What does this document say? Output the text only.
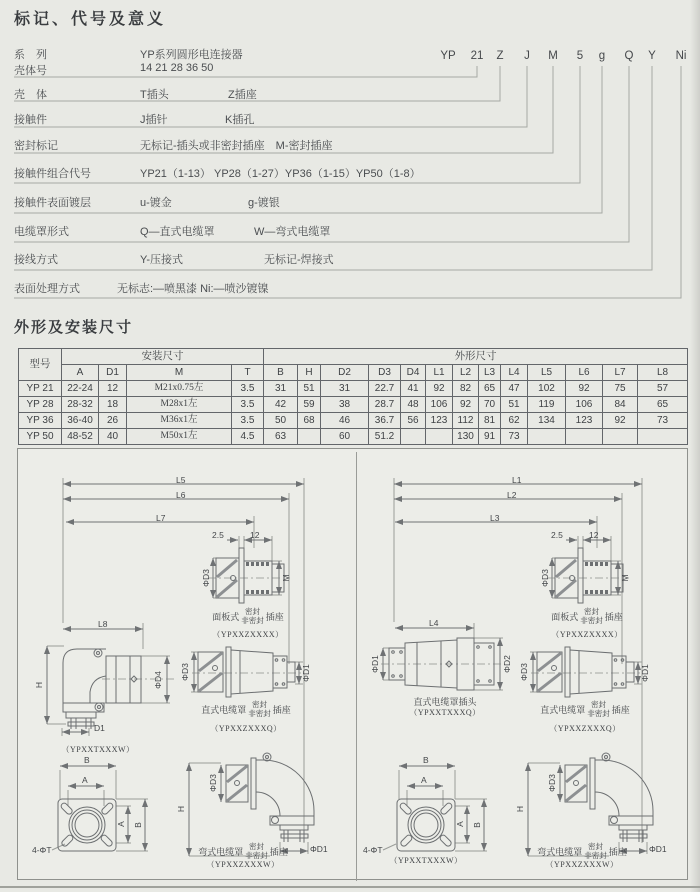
标记、代号及意义
外形及安装尺寸
YP	21	Z	J	M	5	g	Q	Y	Ni
系　列	YP系列圆形电连接器
壳体号	14 21 28 36 50
壳　体	T插头	Z插座
接触件	J插针	K插孔
密封标记	无标记-插头或非密封插座　M-密封插座
接触件组合代号	YP21（1-13） YP28（1-27）YP36（1-15）YP50（1-8）
接触件表面镀层	u-镀金	g-镀银
电缆罩形式	Q—直式电缆罩	W—弯式电缆罩
接线方式	Y-压接式	无标记-焊接式
表面处理方式	无标志:—喷黑漆 Ni:—喷沙镀镍
型号	安装尺寸				外形尺寸												
	A	D1	M	T	B	H	D2	D3	D4	L1	L2	L3	L4	L5	L6	L7	L8
YP 21	22-24	12	M21x0.75左	3.5	31	51	31	22.7	41	92	82	65	47	102	92	75	57
YP 28	28-32	18	M28x1左	3.5	42	59	38	28.7	48	106	92	70	51	119	106	84	65
YP 36	36-40	26	M36x1左	3.5	50	68	46	36.7	56	123	112	81	62	134	123	92	73
YP 50	48-52	40	M50x1左	4.5	63		60	51.2			130	91	73				
L5
L6
L7
L8
2.5	12
ΦD3	M
H	ΦD4
D1
B
A
A B
4-ΦT
H
ΦD3
ΦD1
ΦD3	ΦD1
面板式
密封
非密封 插座
（YPXXZXXXX）
（YPXXTXXXW）
直式电缆罩
密封
非密封 插座
（YPXXZXXXQ）
弯式电缆罩
密封
非密封 插座
（YPXXZXXXW）
L1
L2
L3
L4
2.5	12
ΦD3	M
ΦD1	ΦD2
B
A
A B
4-ΦT
H
ΦD3
ΦD1
ΦD3	ΦD1
面板式
密封
非密封 插座
（YPXXZXXXX）
直式电缆罩插头
（YPXXTXXXQ）
（YPXXTXXXW）
直式电缆罩
密封
非密封 插座
（YPXXZXXXQ）
弯式电缆罩
密封
非密封 插座
（YPXXZXXXW）
